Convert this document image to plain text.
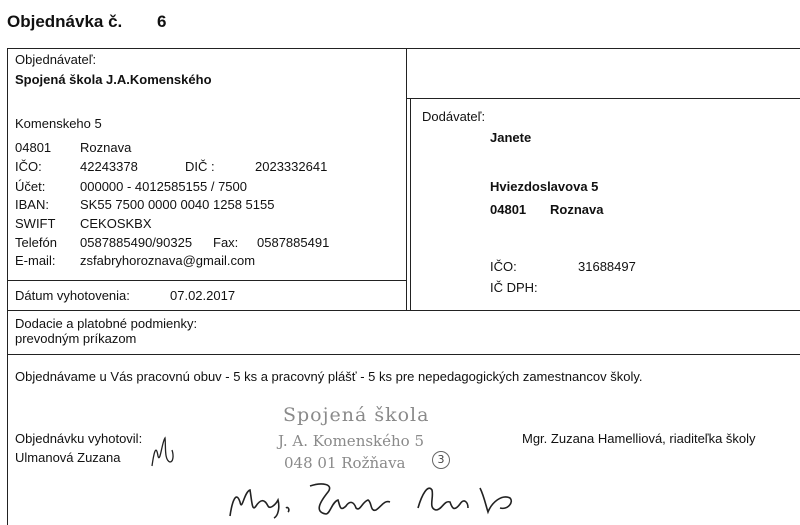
Objednávka č. 6
Objednávateľ:
Spojená škola J.A.Komenského
Komenskeho 5
04801 Roznava
IČO:	42243378	DIČ :	2023332641
Účet:	000000 - 4012585155 / 7500
IBAN: SK55 7500 0000 0040 1258 5155
SWIFT CEKOSKBX
Telefón 0587885490/90325 Fax: 0587885491
E-mail: zsfabryhoroznava@gmail.com
Dátum vyhotovenia:	07.02.2017
Dodávateľ:
Janete
Hviezdoslavova 5
04801 Roznava
IČO:	31688497
IČ DPH:
Dodacie a platobné podmienky:
prevodným príkazom
Objednávame u Vás pracovnú obuv - 5 ks a pracovný plášť - 5 ks pre nepedagogických zamestnancov školy.
Objednávku vyhotovil:
Ulmanová Zuzana
Spojená škola
J. A. Komenského 5
048 01 Rožňava	3
Mgr. Zuzana Hamelliová, riaditeľka školy
